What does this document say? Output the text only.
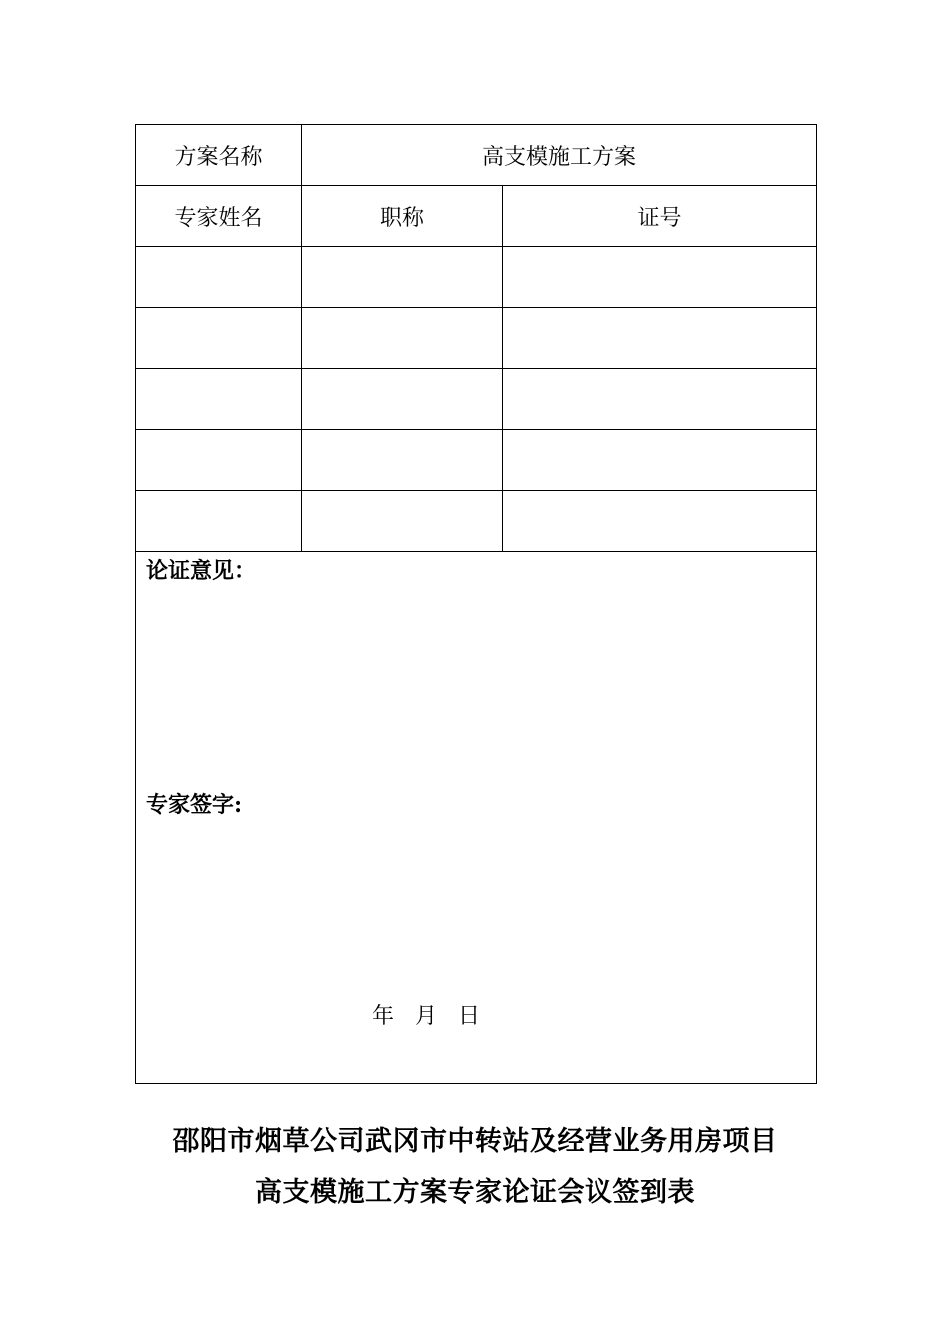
方案名称	高支模施工方案	
专家姓名	职称	证号

论证意见：
专家签字:
年   月   日		
邵阳市烟草公司武冈市中转站及经营业务用房项目
高支模施工方案专家论证会议签到表
